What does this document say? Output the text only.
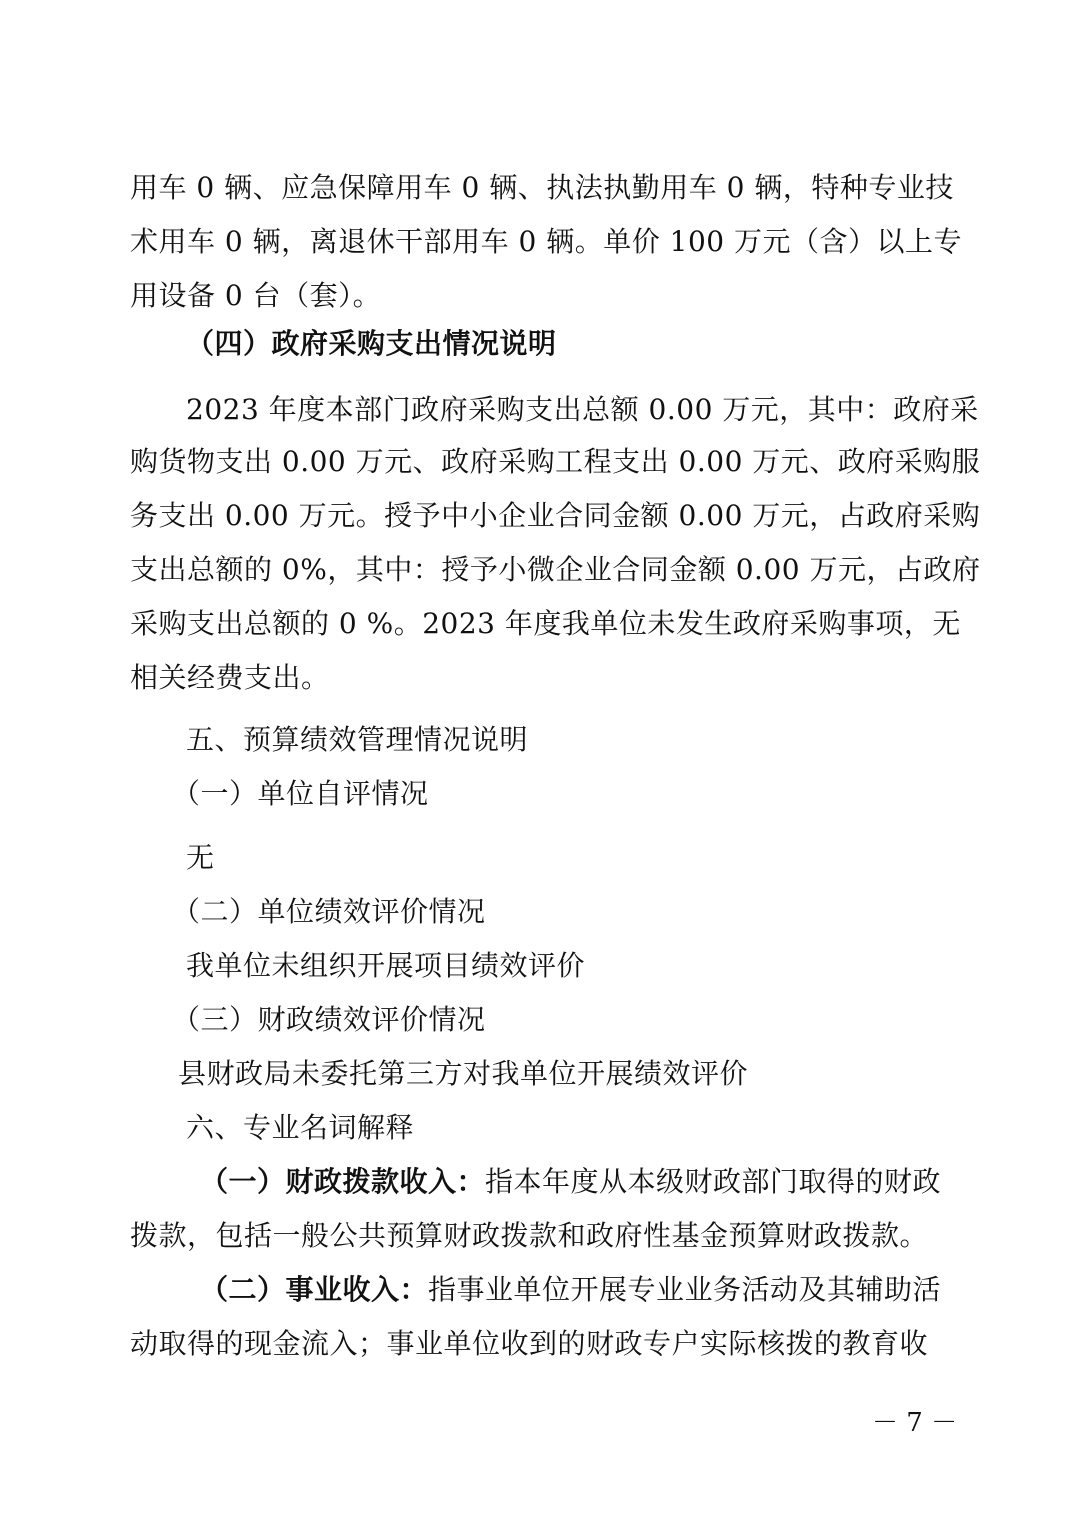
用车 0 辆、应急保障用车 0 辆、执法执勤用车 0 辆，特种专业技
术用车 0 辆，离退休干部用车 0 辆。单价 100 万元（含）以上专
用设备 0 台（套）。
（四）政府采购支出情况说明
2023 年度本部门政府采购支出总额 0.00 万元，其中：政府采
购货物支出 0.00 万元、政府采购工程支出 0.00 万元、政府采购服
务支出 0.00 万元。授予中小企业合同金额 0.00 万元，占政府采购
支出总额的 0%，其中：授予小微企业合同金额 0.00 万元，占政府
采购支出总额的 0 %。2023 年度我单位未发生政府采购事项，无
相关经费支出。
五、预算绩效管理情况说明
（一）单位自评情况
无
（二）单位绩效评价情况
我单位未组织开展项目绩效评价
（三）财政绩效评价情况
县财政局未委托第三方对我单位开展绩效评价
六、专业名词解释
（一）财政拨款收入：指本年度从本级财政部门取得的财政
拨款，包括一般公共预算财政拨款和政府性基金预算财政拨款。
（二）事业收入：指事业单位开展专业业务活动及其辅助活
动取得的现金流入；事业单位收到的财政专户实际核拨的教育收
－ 7 －
